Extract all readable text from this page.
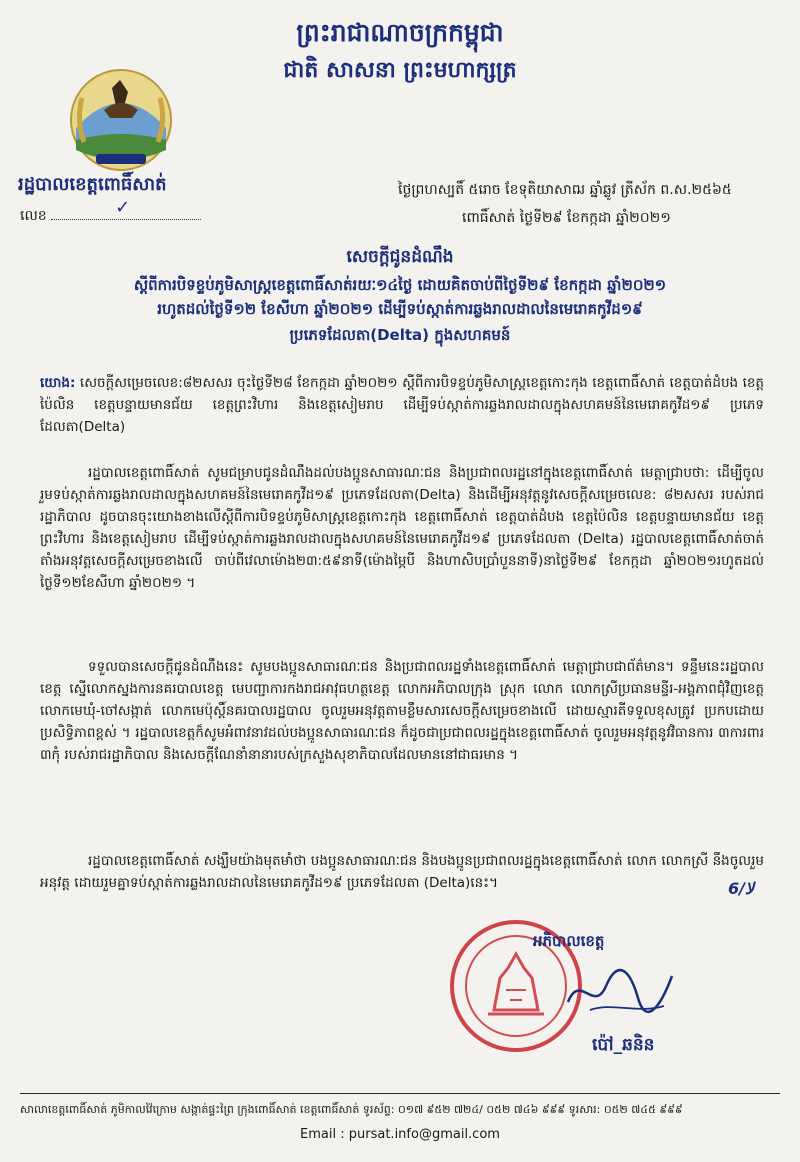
ព្រះរាជាណាចក្រកម្ពុជា
ជាតិ សាសនា ព្រះមហាក្សត្រ
រដ្ឋបាលខេត្តពោធិ៍សាត់
លេខ	✓
ថ្ងៃព្រហស្បតិ៍ ៥រោច ខែទុតិយាសាឍ ឆ្នាំឆ្លូវ ត្រីស័ក ព.ស.២៥៦៥
ពោធិ៍សាត់ ថ្ងៃទី២៩ ខែកក្កដា ឆ្នាំ២០២១
សេចក្តីជូនដំណឹង
ស្តីពីការបិទខ្ទប់ភូមិសាស្ត្រខេត្តពោធិ៍សាត់រយៈ១៤ថ្ងៃ ដោយគិតចាប់ពីថ្ងៃទី២៩ ខែកក្កដា ឆ្នាំ២០២១
រហូតដល់ថ្ងៃទី១២ ខែសីហា ឆ្នាំ២០២១ ដើម្បីទប់ស្កាត់ការឆ្លងរាលដាលនៃមេរោគកូវីដ១៩
ប្រភេទដែលតា(Delta) ក្នុងសហគមន៍
យោង: សេចក្តីសម្រេចលេខ:៨២សសរ ចុះថ្ងៃទី២៨ ខែកក្កដា ឆ្នាំ២០២១ ស្តីពីការបិទខ្ទប់ភូមិសាស្ត្រខេត្តកោះកុង ខេត្តពោធិ៍សាត់ ខេត្តបាត់ដំបង ខេត្តប៉ៃលិន ខេត្តបន្ទាយមានជ័យ ខេត្តព្រះវិហារ និងខេត្តសៀមរាប ដើម្បីទប់ស្កាត់ការឆ្លងរាលដាលក្នុងសហគមន៍នៃមេរោគកូវីដ១៩ ប្រភេទដែលតា(Delta)
រដ្ឋបាលខេត្តពោធិ៍សាត់ សូមជម្រាបជូនដំណឹងដល់បងប្អូនសាធារណៈជន និងប្រជាពលរដ្ឋនៅក្នុងខេត្តពោធិ៍សាត់ មេត្តាជ្រាបថា: ដើម្បីចូលរួមទប់ស្កាត់ការឆ្លងរាលដាលក្នុងសហគមន៍នៃមេរោគកូវីដ១៩ ប្រភេទដែលតា(Delta) និងដើម្បីអនុវត្តនូវសេចក្តីសម្រេចលេខ: ៨២សសរ របស់រាជរដ្ឋាភិបាល ដូចបានចុះយោងខាងលើស្តីពីការបិទខ្ទប់ភូមិសាស្ត្រខេត្តកោះកុង ខេត្តពោធិ៍សាត់ ខេត្តបាត់ដំបង ខេត្តប៉ៃលិន ខេត្តបន្ទាយមានជ័យ ខេត្តព្រះវិហារ និងខេត្តសៀមរាប ដើម្បីទប់ស្កាត់ការឆ្លងរាលដាលក្នុងសហគមន៍នៃមេរោគកូវីដ១៩ ប្រភេទដែលតា (Delta) រដ្ឋបាលខេត្តពោធិ៍សាត់ចាត់តាំងអនុវត្តសេចក្តីសម្រេចខាងលើ ចាប់ពីវេលាម៉ោង២៣:៥៩នាទី(ម៉ោងម្ភៃបី និងហាសិបប្រាំបួននាទី)នាថ្ងៃទី២៩ ខែកក្កដា ឆ្នាំ២០២១រហូតដល់ថ្ងៃទី១២ខែសីហា ឆ្នាំ២០២១ ។
ទទួលបានសេចក្តីជូនដំណឹងនេះ សូមបងប្អូនសាធារណៈជន និងប្រជាពលរដ្ឋទាំងខេត្តពោធិ៍សាត់ មេត្តាជ្រាបជាព័ត៌មាន។ ទន្ទឹមនេះរដ្ឋបាលខេត្ត ស្នើលោកស្នងការនគរបាលខេត្ត មេបញ្ជាការកងរាជអាវុធហត្ថខេត្ត លោកអភិបាលក្រុង ស្រុក លោក លោកស្រីប្រធានមន្ទីរ-អង្គភាពជុំវិញខេត្ត លោកមេឃុំ-ចៅសង្កាត់ លោកមេប៉ុស្តិ៍នគរបាលរដ្ឋបាល ចូលរួមអនុវត្តតាមខ្លឹមសារសេចក្តីសម្រេចខាងលើ ដោយស្មារតីទទួលខុសត្រូវ ប្រកបដោយប្រសិទ្ធិភាពខ្ពស់ ។ រដ្ឋបាលខេត្តក៏សូមអំពាវនាវដល់បងប្អូនសាធារណៈជន ក៏ដូចជាប្រជាពលរដ្ឋក្នុងខេត្តពោធិ៍សាត់ ចូលរួមអនុវត្តនូវវិធានការ ៣ការពារ ៣កុំ របស់រាជរដ្ឋាភិបាល និងសេចក្តីណែនាំនានារបស់ក្រសួងសុខាភិបាលដែលមាននៅជាធរមាន ។
រដ្ឋបាលខេត្តពោធិ៍សាត់ សង្ឃឹមយ៉ាងមុតមាំថា បងប្អូនសាធារណៈជន និងបងប្អូនប្រជាពលរដ្ឋក្នុងខេត្តពោធិ៍សាត់ លោក លោកស្រី នឹងចូលរួមអនុវត្ត ដោយរួមគ្នាទប់ស្កាត់ការឆ្លងរាលដាលនៃមេរោគកូវីដ១៩ ប្រភេទដែលតា (Delta)នេះ។	ﻻ∕6
អភិបាលខេត្ត
ប៉ៅ_ឆនិន
សាលាខេត្តពោធិ៍សាត់ ភូមិកាលវ៉ៃក្រោម សង្កាត់ផ្ទះព្រៃ ក្រុងពោធិ៍សាត់ ខេត្តពោធិ៍សាត់ ទូរស័ព្ទ: ០១៧ ៩៥២ ៧២៤/ ០៥២ ៧៤៦ ៩៩៩ ទូរសារ: ០៥២ ៧៤៥ ៩៩៩
Email : pursat.info@gmail.com
